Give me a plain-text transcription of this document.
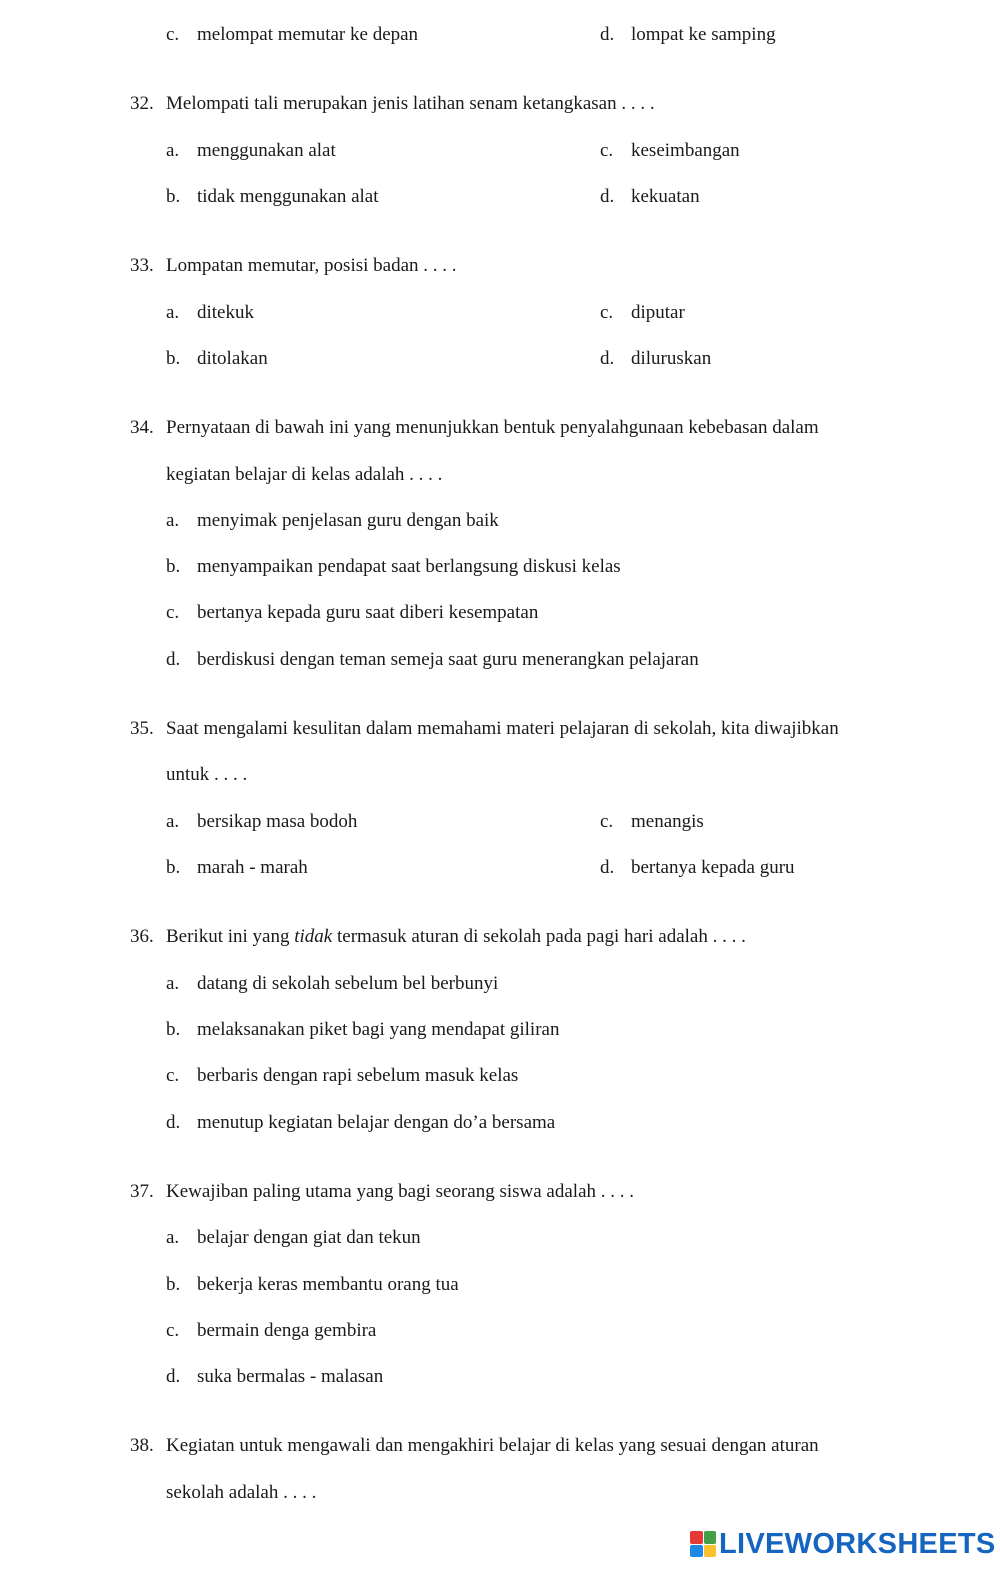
c. melompat memutar ke depan	d. lompat ke samping
32. Melompati tali merupakan jenis latihan senam ketangkasan . . . .
a. menggunakan alat	c. keseimbangan
b. tidak menggunakan alat	d. kekuatan
33. Lompatan memutar, posisi badan . . . .
a. ditekuk	c. diputar
b. ditolakan	d. diluruskan
34. Pernyataan di bawah ini yang menunjukkan bentuk penyalahgunaan kebebasan dalam
kegiatan belajar di kelas adalah . . . .
a. menyimak penjelasan guru dengan baik
b. menyampaikan pendapat saat berlangsung diskusi kelas
c. bertanya kepada guru saat diberi kesempatan
d. berdiskusi dengan teman semeja saat guru menerangkan pelajaran
35. Saat mengalami kesulitan dalam memahami materi pelajaran di sekolah, kita diwajibkan
untuk . . . .
a. bersikap masa bodoh	c. menangis
b. marah - marah	d. bertanya kepada guru
36. Berikut ini yang tidak termasuk aturan di sekolah pada pagi hari adalah . . . .
a. datang di sekolah sebelum bel berbunyi
b. melaksanakan piket bagi yang mendapat giliran
c. berbaris dengan rapi sebelum masuk kelas
d. menutup kegiatan belajar dengan do’a bersama
37. Kewajiban paling utama yang bagi seorang siswa adalah . . . .
a. belajar dengan giat dan tekun
b. bekerja keras membantu orang tua
c. bermain denga gembira
d. suka bermalas - malasan
38. Kegiatan untuk mengawali dan mengakhiri belajar di kelas yang sesuai dengan aturan
sekolah adalah . . . .
LIVEWORKSHEETS
